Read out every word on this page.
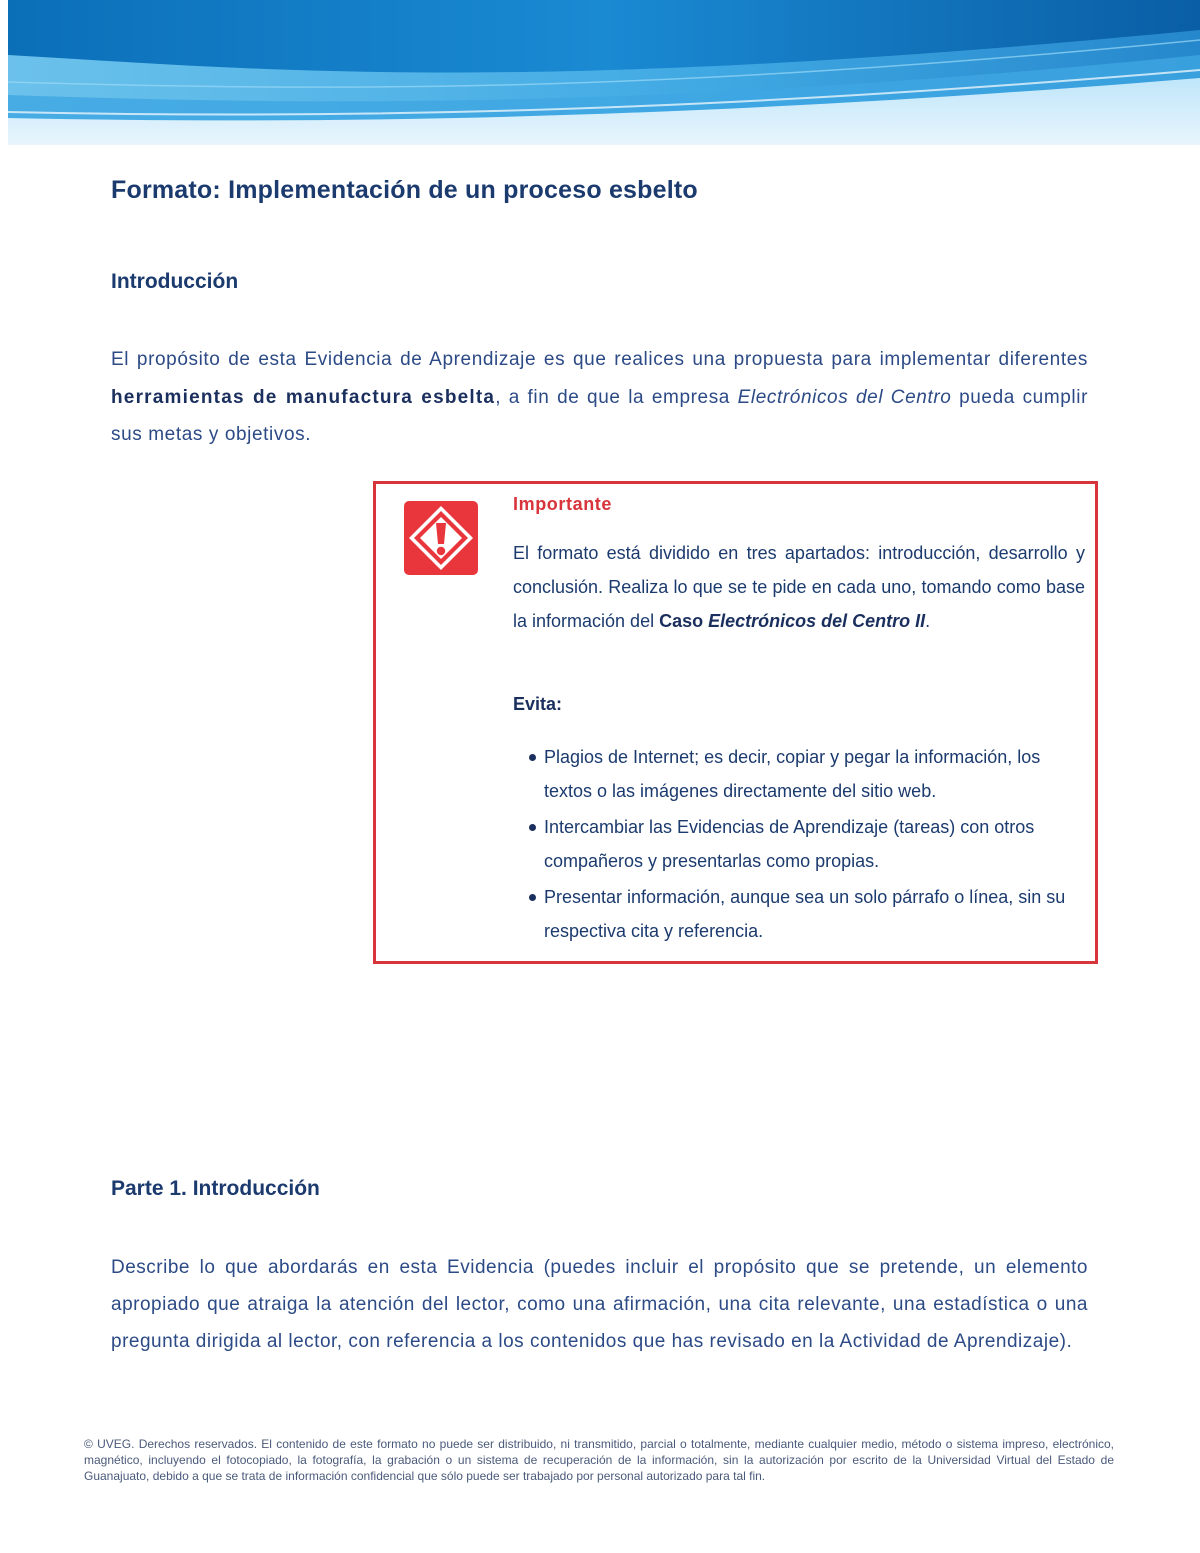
Formato: Implementación de un proceso esbelto
Introducción

El propósito de esta Evidencia de Aprendizaje es que realices una propuesta para implementar diferentes herramientas de manufactura esbelta, a fin de que la empresa Electrónicos del Centro pueda cumplir sus metas y objetivos.

Importante

El formato está dividido en tres apartados: introducción, desarrollo y conclusión. Realiza lo que se te pide en cada uno, tomando como base la información del Caso Electrónicos del Centro II.

Evita:

Plagios de Internet; es decir, copiar y pegar la información, los textos o las imágenes directamente del sitio web.
Intercambiar las Evidencias de Aprendizaje (tareas) con otros compañeros y presentarlas como propias.
Presentar información, aunque sea un solo párrafo o línea, sin su respectiva cita y referencia.
Parte 1. Introducción

Describe lo que abordarás en esta Evidencia (puedes incluir el propósito que se pretende, un elemento apropiado que atraiga la atención del lector, como una afirmación, una cita relevante, una estadística o una pregunta dirigida al lector, con referencia a los contenidos que has revisado en la Actividad de Aprendizaje).

© UVEG. Derechos reservados. El contenido de este formato no puede ser distribuido, ni transmitido, parcial o totalmente, mediante cualquier medio, método o sistema impreso, electrónico, magnético, incluyendo el fotocopiado, la fotografía, la grabación o un sistema de recuperación de la información, sin la autorización por escrito de la Universidad Virtual del Estado de Guanajuato, debido a que se trata de información confidencial que sólo puede ser trabajado por personal autorizado para tal fin.
